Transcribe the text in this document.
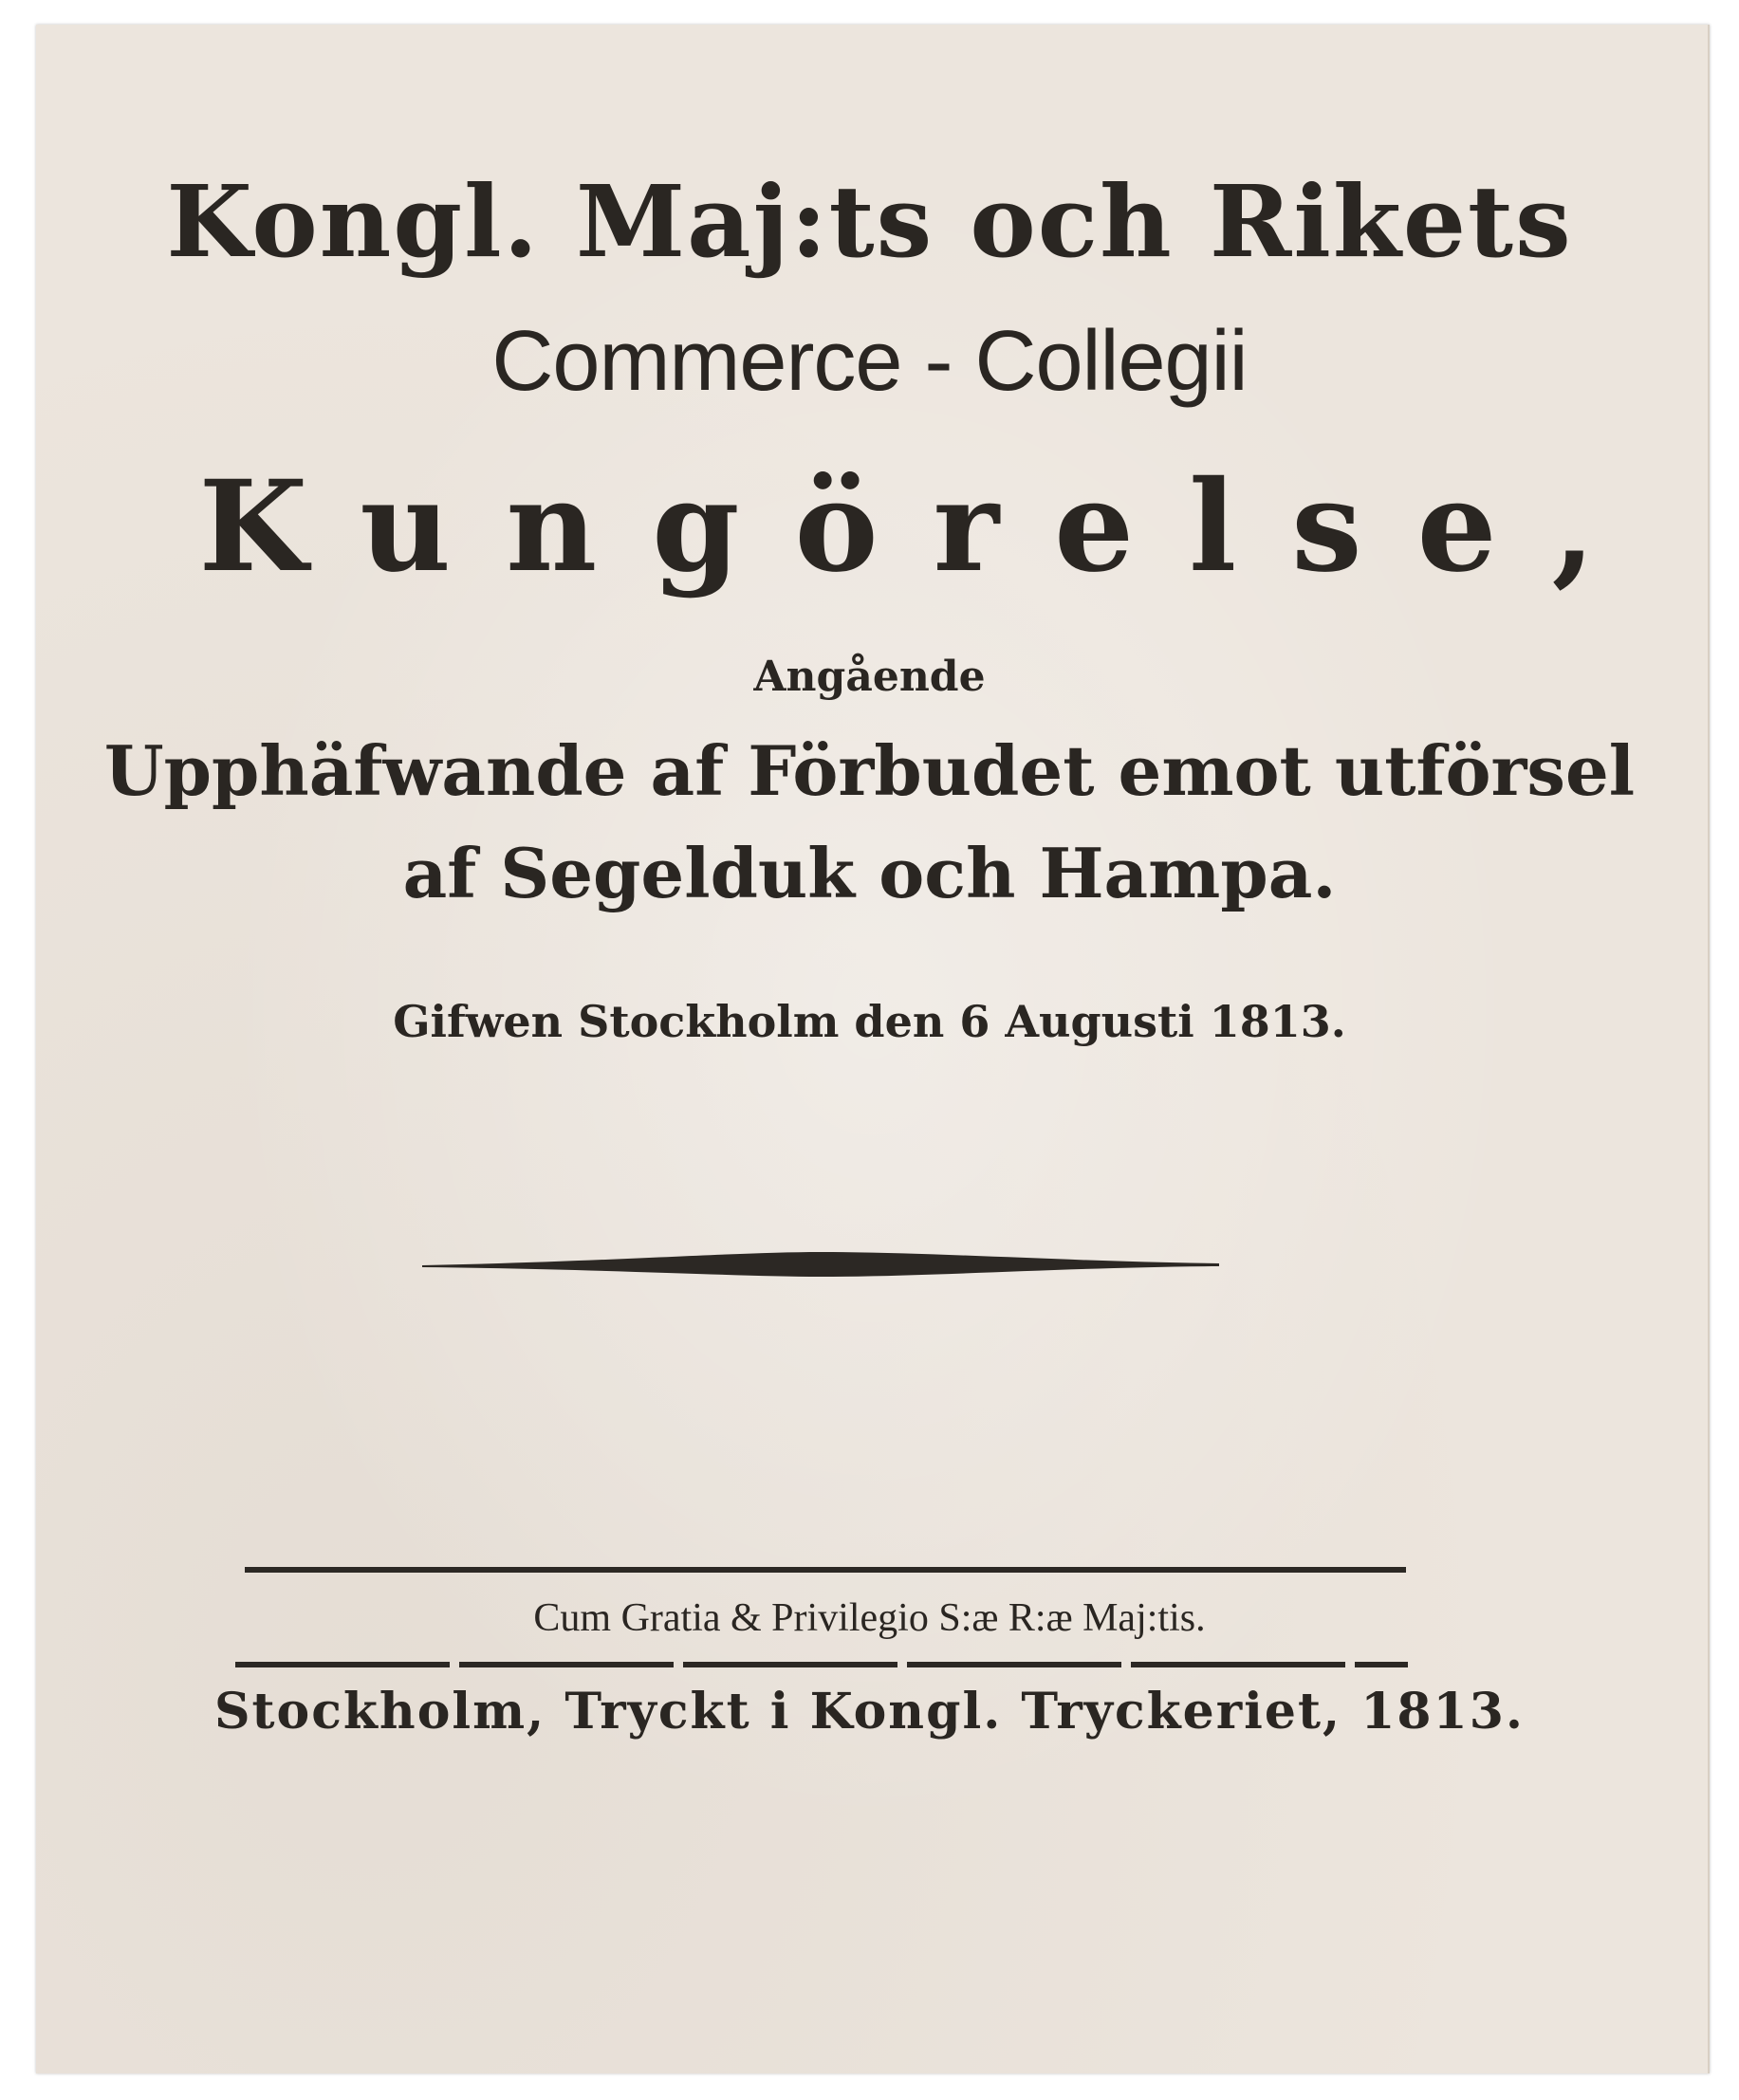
Kongl. Maj:ts och Rikets
Commerce - Collegii
Kungörelse,
Angående
Upphäfwande af Förbudet emot utförsel
af Segelduk och Hampa.
Gifwen Stockholm den 6 Augusti 1813.
Cum Gratia & Privilegio S:æ R:æ Maj:tis.
Stockholm, Tryckt i Kongl. Tryckeriet, 1813.
